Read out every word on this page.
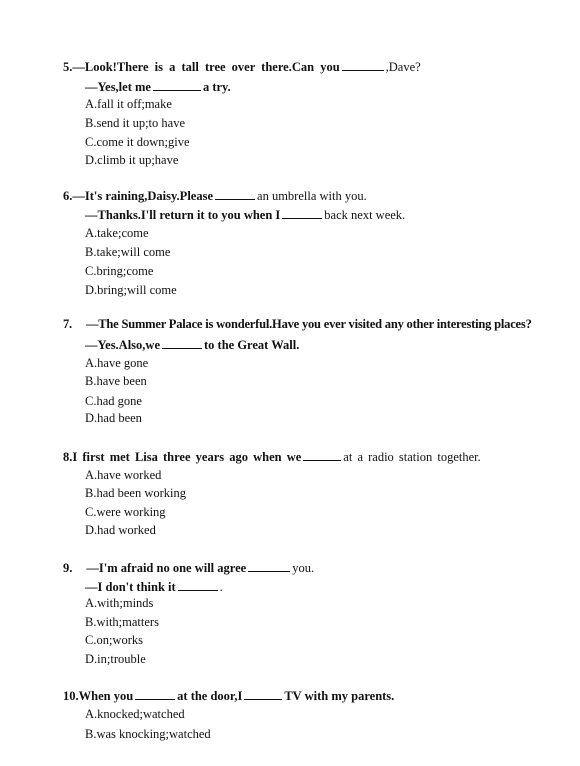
5.—Look!There is a tall tree over there.Can you	,Dave?
—Yes,let me	a try.
A.fall it off;make
B.send it up;to have
C.come it down;give
D.climb it up;have
6.—It's raining,Daisy.Please	an umbrella with you.
—Thanks.I'll return it to you when I	back next week.
A.take;come
B.take;will come
C.bring;come
D.bring;will come
7. —The Summer Palace is wonderful.Have you ever visited any other interesting places?
—Yes.Also,we	to the Great Wall.
A.have gone
B.have been
C.had gone
D.had been
8.I first met Lisa three years ago when we	at a radio station together.
A.have worked
B.had been working
C.were working
D.had worked
9. —I'm afraid no one will agree	you.
—I don't think it	.
A.with;minds
B.with;matters
C.on;works
D.in;trouble
10.When you	at the door,I	TV with my parents.
A.knocked;watched
B.was knocking;watched
